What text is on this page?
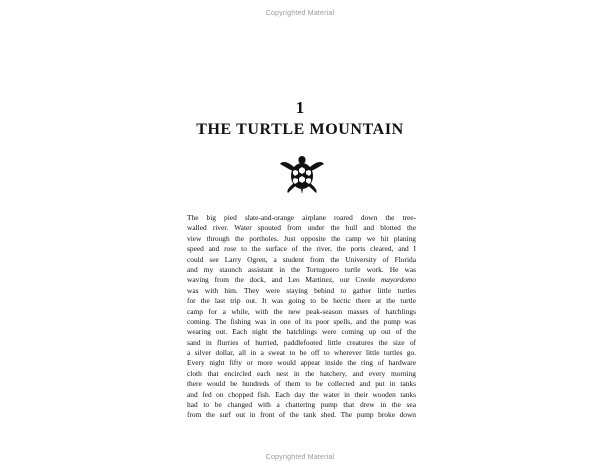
Copyrighted Material
1
THE TURTLE MOUNTAIN
The big pied slate-and-orange airplane roared down the tree-
walled river. Water spouted from under the hull and blotted the
view through the portholes. Just opposite the camp we hit planing
speed and rose to the surface of the river, the ports cleared, and I
could see Larry Ogren, a student from the University of Florida
and my staunch assistant in the Tortuguero turtle work. He was
waving from the dock, and Leo Martinez, our Creole mayordomo
was with him. They were staying behind to gather little turtles
for the last trip out. It was going to be hectic there at the turtle
camp for a while, with the new peak-season masses of hatchlings
coming. The fishing was in one of its poor spells, and the pump was
wearing out. Each night the hatchlings were coming up out of the
sand in flurries of hurried, paddlefooted little creatures the size of
a silver dollar, all in a sweat to be off to wherever little turtles go.
Every night fifty or more would appear inside the ring of hardware
cloth that encircled each nest in the hatchery, and every morning
there would be hundreds of them to be collected and put in tanks
and fed on chopped fish. Each day the water in their wooden tanks
had to be changed with a chattering pump that drew in the sea
from the surf out in front of the tank shed. The pump broke down
Copyrighted Material
